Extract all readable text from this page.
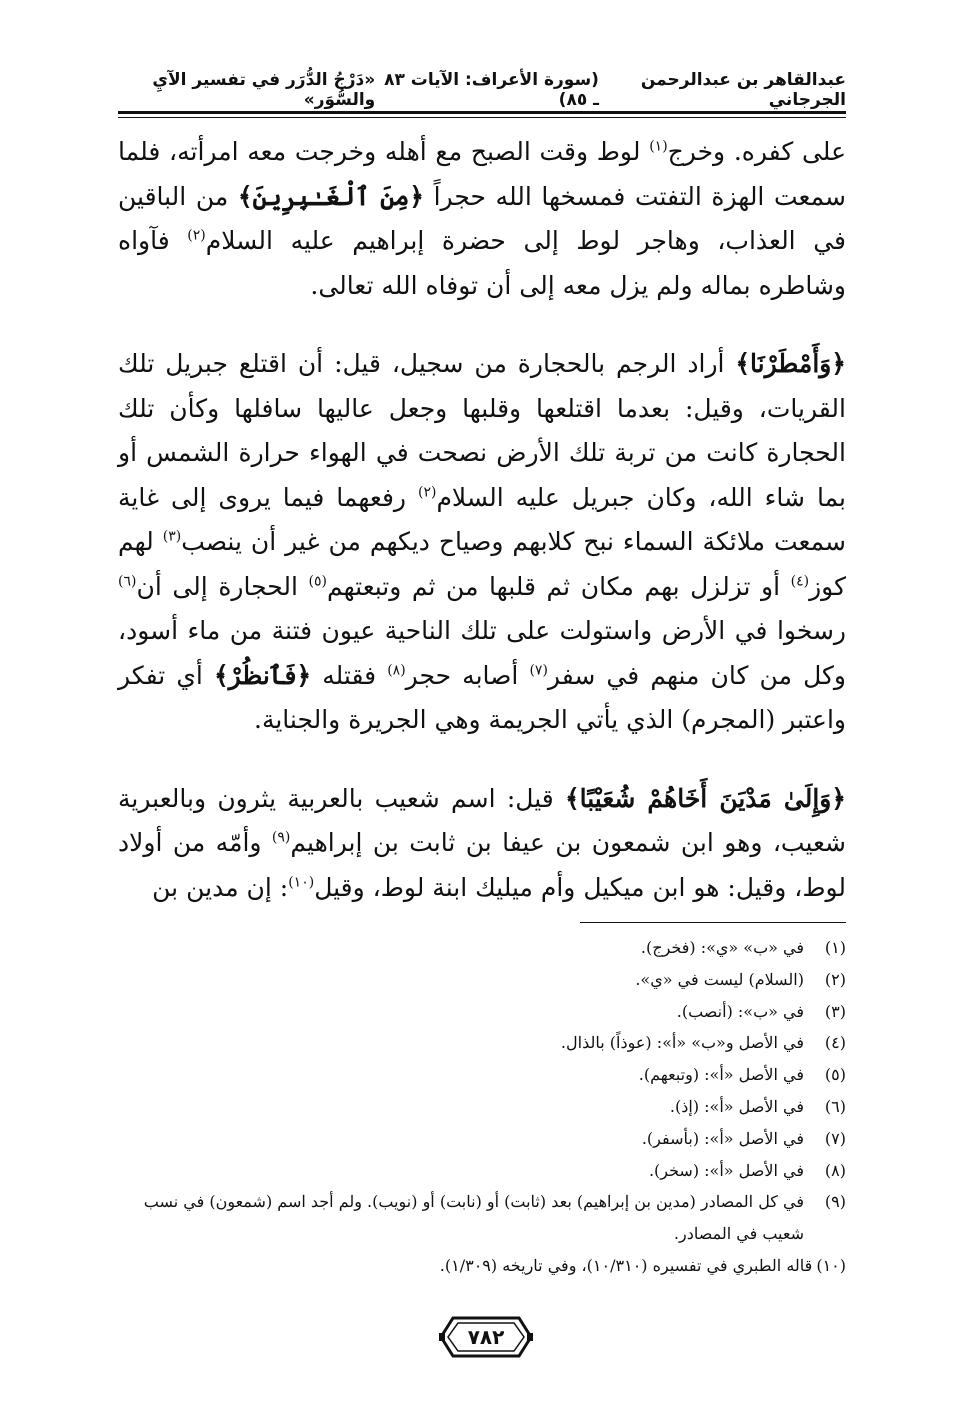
عبدالقاهر بن عبدالرحمن الجرجاني
(سورة الأعراف: الآيات ٨٣ ـ ٨٥)
«دَرْجُ الدُّرَر في تفسير الآيِ والسُّوَر»

على كفره. وخرج$^{(١)}$ لوط وقت الصبح مع أهله وخرجت معه امرأته، فلما سمعت الهزة التفتت فمسخها الله حجراً ﴿مِنَ ٱلْغَـٰبِرِينَ﴾ من الباقين في العذاب، وهاجر لوط إلى حضرة إبراهيم عليه السلام$^{(٢)}$ فآواه وشاطره بماله ولم يزل معه إلى أن توفاه الله تعالى.

﴿وَأَمْطَرْنَا﴾ أراد الرجم بالحجارة من سجيل، قيل: أن اقتلع جبريل تلك القريات، وقيل: بعدما اقتلعها وقلبها وجعل عاليها سافلها وكأن تلك الحجارة كانت من تربة تلك الأرض نصحت في الهواء حرارة الشمس أو بما شاء الله، وكان جبريل عليه السلام$^{(٢)}$ رفعهما فيما يروى إلى غاية سمعت ملائكة السماء نبح كلابهم وصياح ديكهم من غير أن ينصب$^{(٣)}$ لهم كوز$^{(٤)}$ أو تزلزل بهم مكان ثم قلبها من ثم وتبعتهم$^{(٥)}$ الحجارة إلى أن$^{(٦)}$ رسخوا في الأرض واستولت على تلك الناحية عيون فتنة من ماء أسود، وكل من كان منهم في سفر$^{(٧)}$ أصابه حجر$^{(٨)}$ فقتله ﴿فَٱنظُرْ﴾ أي تفكر واعتبر (المجرم) الذي يأتي الجريمة وهي الجريرة والجناية.

﴿وَإِلَىٰ مَدْيَنَ أَخَاهُمْ شُعَيْبًا﴾ قيل: اسم شعيب بالعربية يثرون وبالعبرية شعيب، وهو ابن شمعون بن عيفا بن ثابت بن إبراهيم$^{(٩)}$ وأمّه من أولاد لوط، وقيل: هو ابن ميكيل وأم ميليك ابنة لوط، وقيل$^{(١٠)}$: إن مدين بن

(١)
في «ب» «ي»: (فخرج).
(٢)
(السلام) ليست في «ي».
(٣)
في «ب»: (أنصب).
(٤)
في الأصل و«ب» «أ»: (عوذاً) بالذال.
(٥)
في الأصل «أ»: (وتبعهم).
(٦)
في الأصل «أ»: (إذ).
(٧)
في الأصل «أ»: (بأسفر).
(٨)
في الأصل «أ»: (سخر).
(٩)
في كل المصادر (مدين بن إبراهيم) بعد (ثابت) أو (نابت) أو (نويب). ولم أجد اسم (شمعون) في نسب شعيب في المصادر.
(١٠)
قاله الطبري في تفسيره (١٠/٣١٠)، وفي تاريخه (١/٣٠٩).
٧٨٢
